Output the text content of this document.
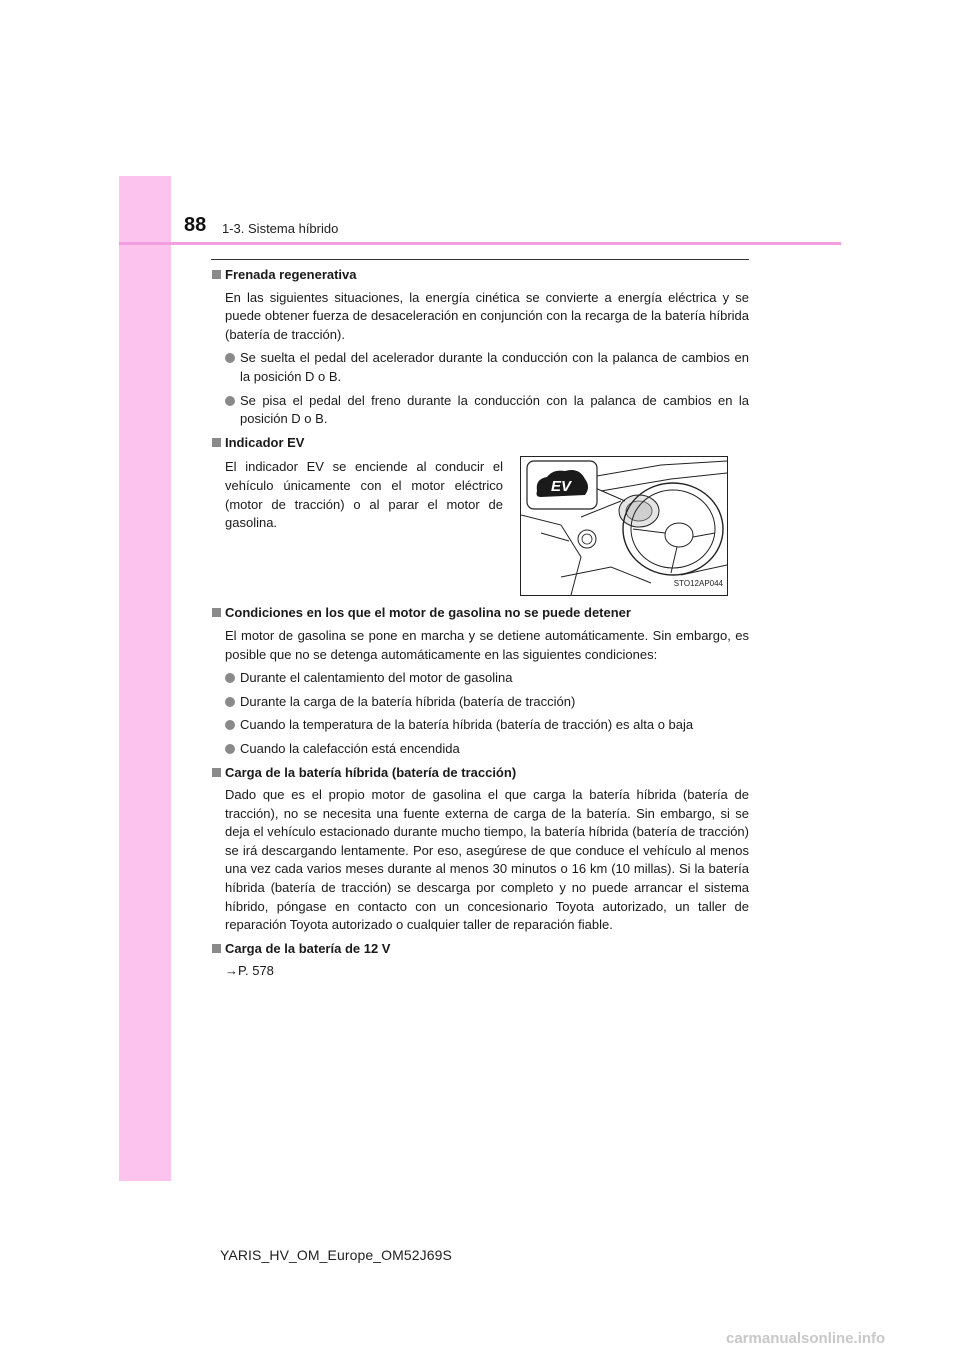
88 1-3. Sistema híbrido
Frenada regenerativa
En las siguientes situaciones, la energía cinética se convierte a energía eléctrica y se puede obtener fuerza de desaceleración en conjunción con la recarga de la batería híbrida (batería de tracción).
Se suelta el pedal del acelerador durante la conducción con la palanca de cambios en la posición D o B.
Se pisa el pedal del freno durante la conducción con la palanca de cambios en la posición D o B.
Indicador EV
El indicador EV se enciende al conducir el vehículo únicamente con el motor eléctrico (motor de tracción) o al parar el motor de gasolina.
EV
STO12AP044
Condiciones en los que el motor de gasolina no se puede detener
El motor de gasolina se pone en marcha y se detiene automáticamente. Sin embargo, es posible que no se detenga automáticamente en las siguientes condiciones:
Durante el calentamiento del motor de gasolina
Durante la carga de la batería híbrida (batería de tracción)
Cuando la temperatura de la batería híbrida (batería de tracción) es alta o baja
Cuando la calefacción está encendida
Carga de la batería híbrida (batería de tracción)
Dado que es el propio motor de gasolina el que carga la batería híbrida (batería de tracción), no se necesita una fuente externa de carga de la batería. Sin embargo, si se deja el vehículo estacionado durante mucho tiempo, la batería híbrida (batería de tracción) se irá descargando lentamente. Por eso, asegúrese de que conduce el vehículo al menos una vez cada varios meses durante al menos 30 minutos o 16 km (10 millas). Si la batería híbrida (batería de tracción) se descarga por completo y no puede arrancar el sistema híbrido, póngase en contacto con un concesionario Toyota autorizado, un taller de reparación Toyota autorizado o cualquier taller de reparación fiable.
Carga de la batería de 12 V
→P. 578
YARIS_HV_OM_Europe_OM52J69S
carmanualsonline.info
